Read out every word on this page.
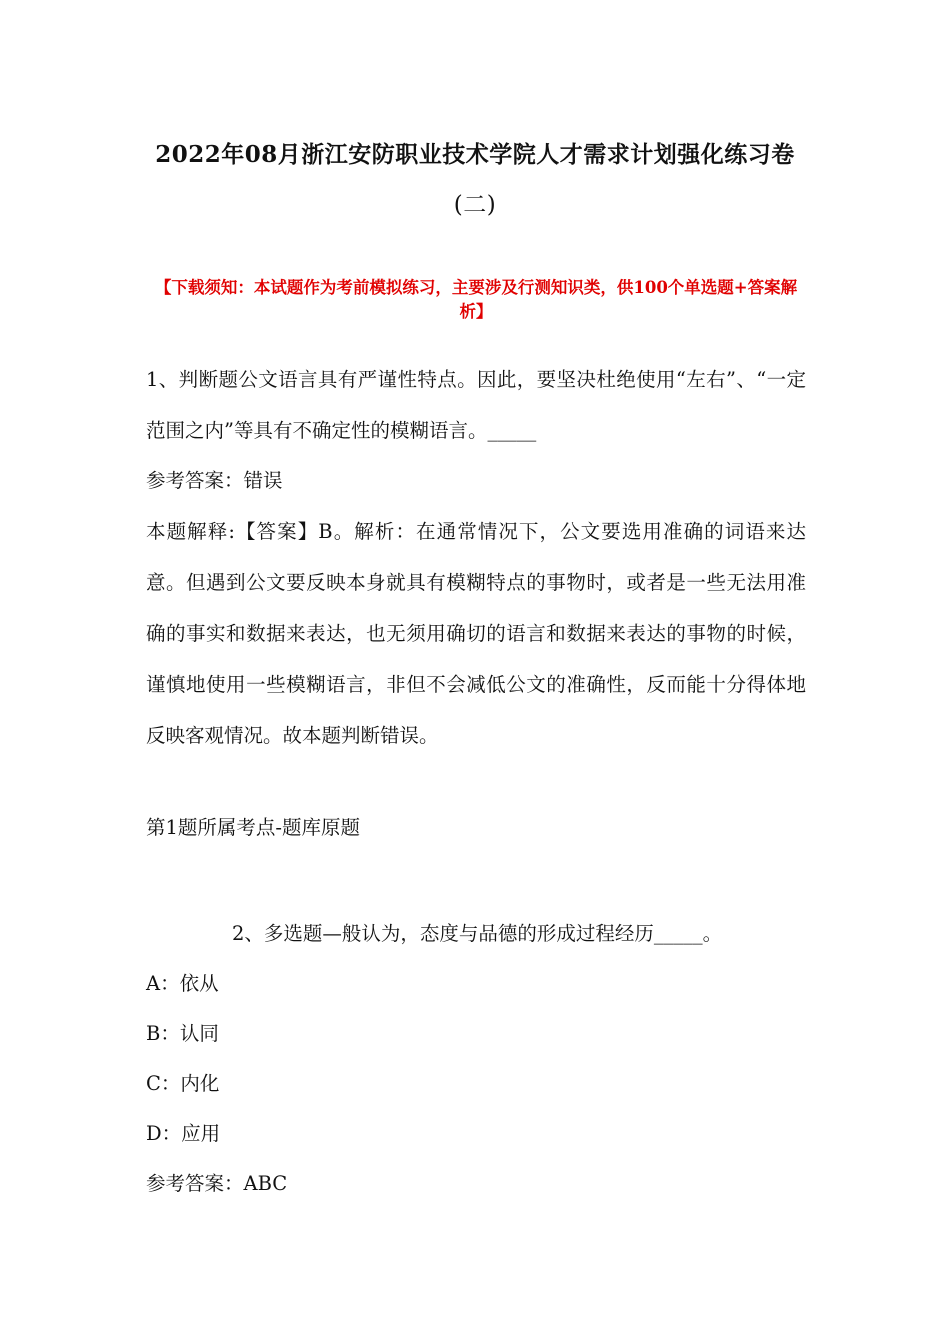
2022年08月浙江安防职业技术学院人才需求计划强化练习卷
(二)
【下载须知：本试题作为考前模拟练习，主要涉及行测知识类，供100个单选题+答案解析】

1、判断题公文语言具有严谨性特点。因此，要坚决杜绝使用“左右”、“一定范围之内”等具有不确定性的模糊语言。_____

参考答案：错误

本题解释:【答案】B。解析：在通常情况下，公文要选用准确的词语来达意。但遇到公文要反映本身就具有模糊特点的事物时，或者是一些无法用准确的事实和数据来表达，也无须用确切的语言和数据来表达的事物的时候，谨慎地使用一些模糊语言，非但不会减低公文的准确性，反而能十分得体地反映客观情况。故本题判断错误。

第1题所属考点-题库原题

2、多选题—般认为，态度与品德的形成过程经历_____。

A：依从

B：认同

C：内化

D：应用

参考答案：ABC
